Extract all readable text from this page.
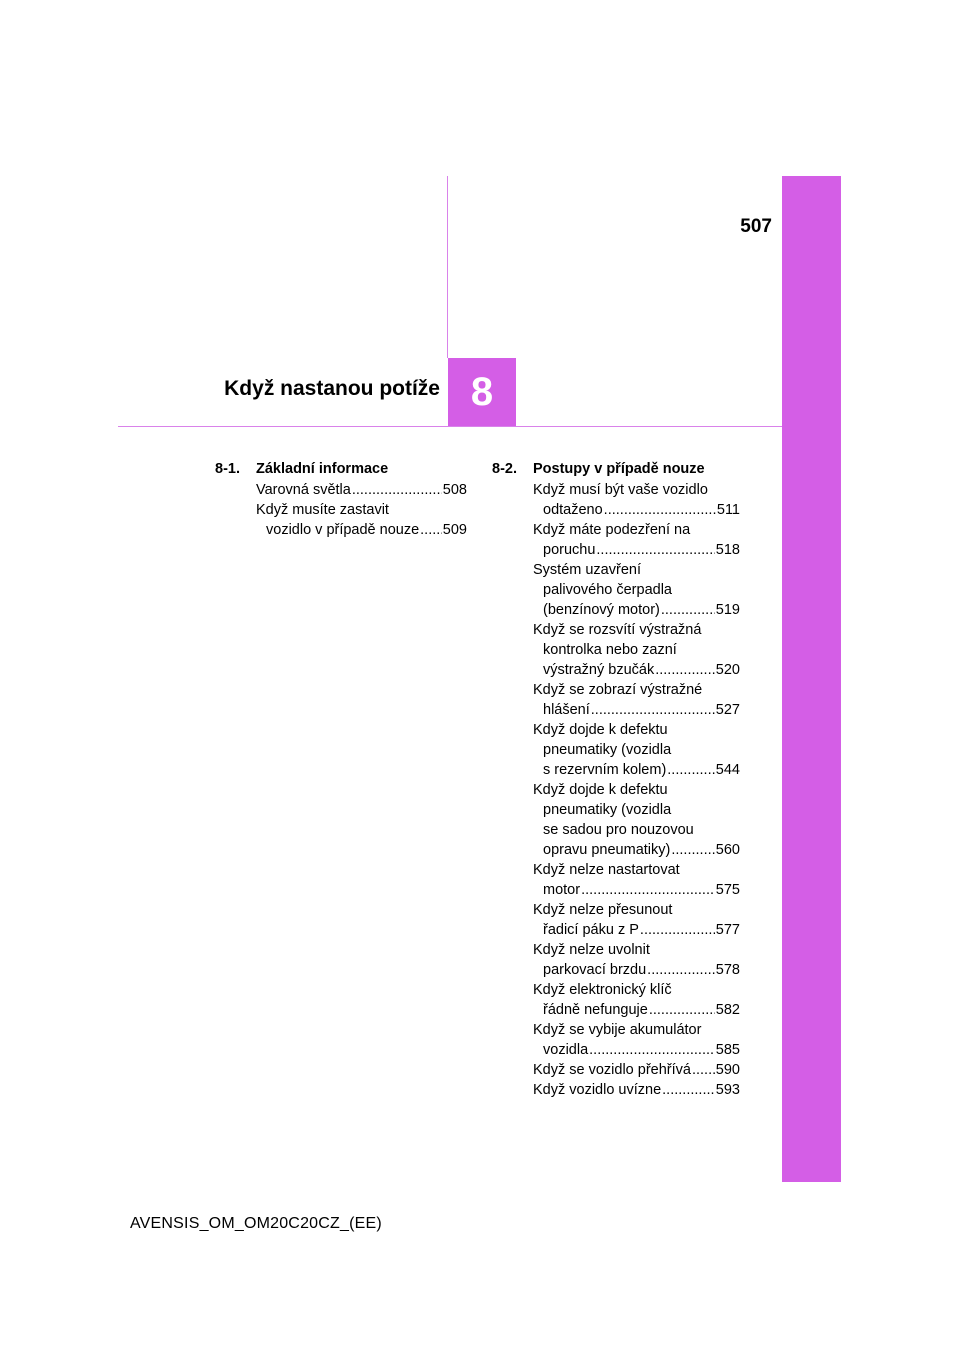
507
8
Když nastanou potíže
8-1.	Základní informace
Varovná světla .....	508
Když musíte zastavit
vozidlo v případě nouze ..... 509
8-2.	Postupy v případě nouze
Když musí být vaše vozidlo
odtaženo .....	511
Když máte podezření na
poruchu .....	518
Systém uzavření
palivového čerpadla
(benzínový motor) .....	519
Když se rozsvítí výstražná
kontrolka nebo zazní
výstražný bzučák .....	520
Když se zobrazí výstražné
hlášení .....	527
Když dojde k defektu
pneumatiky (vozidla
s rezervním kolem) .....	544
Když dojde k defektu
pneumatiky (vozidla
se sadou pro nouzovou
opravu pneumatiky) .....	560
Když nelze nastartovat
motor .....	575
Když nelze přesunout
řadicí páku z P .....	577
Když nelze uvolnit
parkovací brzdu .....	578
Když elektronický klíč
řádně nefunguje .....	582
Když se vybije akumulátor
vozidla .....	585
Když se vozidlo přehřívá ..... 590
Když vozidlo uvízne .....	593
AVENSIS_OM_OM20C20CZ_(EE)
